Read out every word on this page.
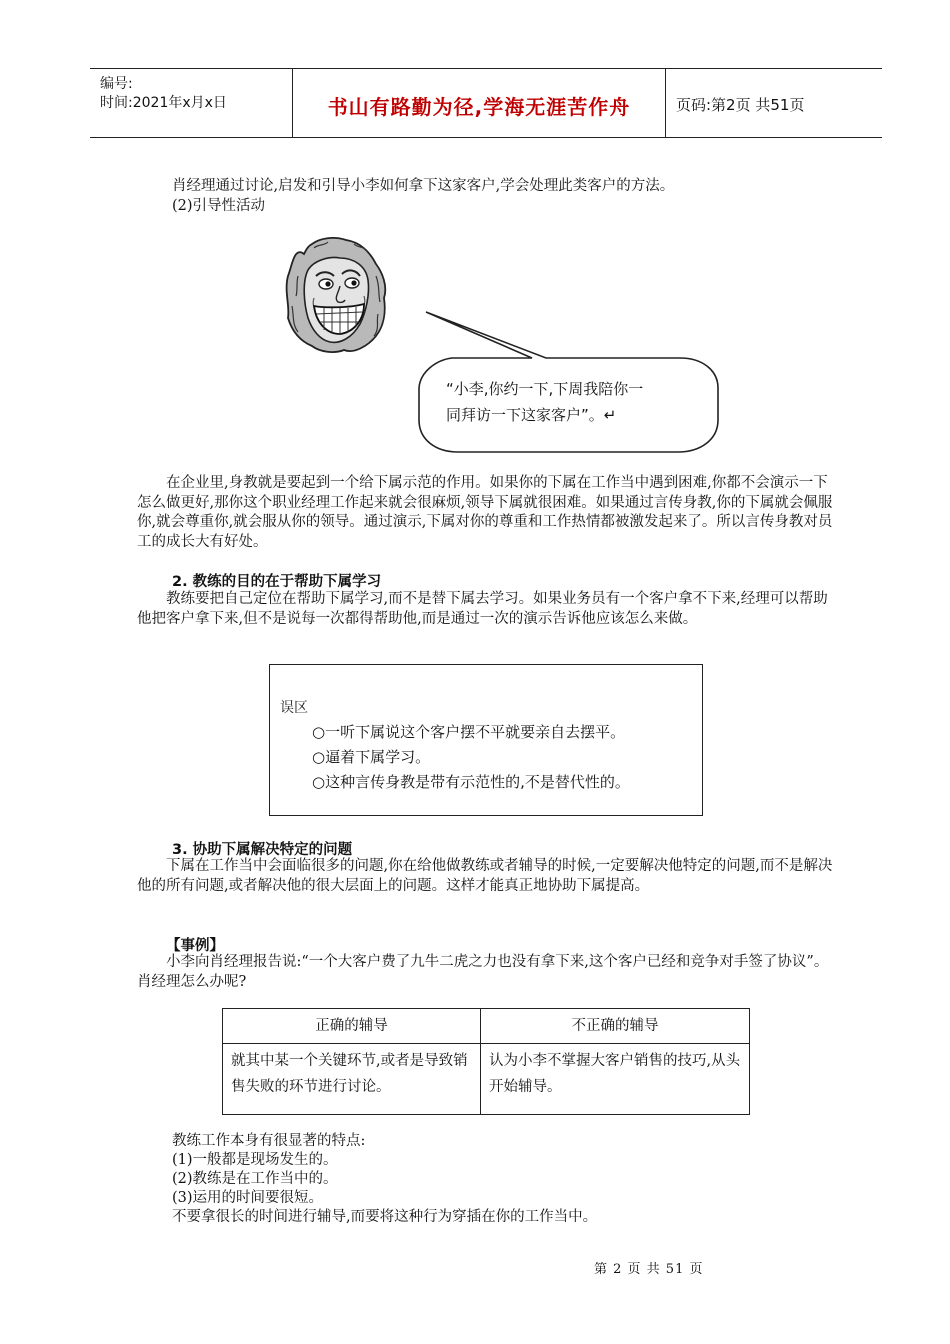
编号:
时间:2021年x月x日	书山有路勤为径,学海无涯苦作舟	页码:第2页 共51页
肖经理通过讨论,启发和引导小李如何拿下这家客户,学会处理此类客户的方法。
(2)引导性活动
“小李,你约一下,下周我陪你一
同拜访一下这家客户”。↵
在企业里,身教就是要起到一个给下属示范的作用。如果你的下属在工作当中遇到困难,你都不会演示一下怎么做更好,那你这个职业经理工作起来就会很麻烦,领导下属就很困难。如果通过言传身教,你的下属就会佩服你,就会尊重你,就会服从你的领导。通过演示,下属对你的尊重和工作热情都被激发起来了。所以言传身教对员工的成长大有好处。
2. 教练的目的在于帮助下属学习
教练要把自己定位在帮助下属学习,而不是替下属去学习。如果业务员有一个客户拿不下来,经理可以帮助他把客户拿下来,但不是说每一次都得帮助他,而是通过一次的演示告诉他应该怎么来做。
误区
○一听下属说这个客户摆不平就要亲自去摆平。
○逼着下属学习。
○这种言传身教是带有示范性的,不是替代性的。
3. 协助下属解决特定的问题
下属在工作当中会面临很多的问题,你在给他做教练或者辅导的时候,一定要解决他特定的问题,而不是解决他的所有问题,或者解决他的很大层面上的问题。这样才能真正地协助下属提高。
【事例】
小李向肖经理报告说:“一个大客户费了九牛二虎之力也没有拿下来,这个客户已经和竞争对手签了协议”。肖经理怎么办呢?
正确的辅导	不正确的辅导
就其中某一个关键环节,或者是导致销售失败的环节进行讨论。	认为小李不掌握大客户销售的技巧,从头开始辅导。
教练工作本身有很显著的特点:
(1)一般都是现场发生的。
(2)教练是在工作当中的。
(3)运用的时间要很短。
不要拿很长的时间进行辅导,而要将这种行为穿插在你的工作当中。
第 2 页 共 51 页
